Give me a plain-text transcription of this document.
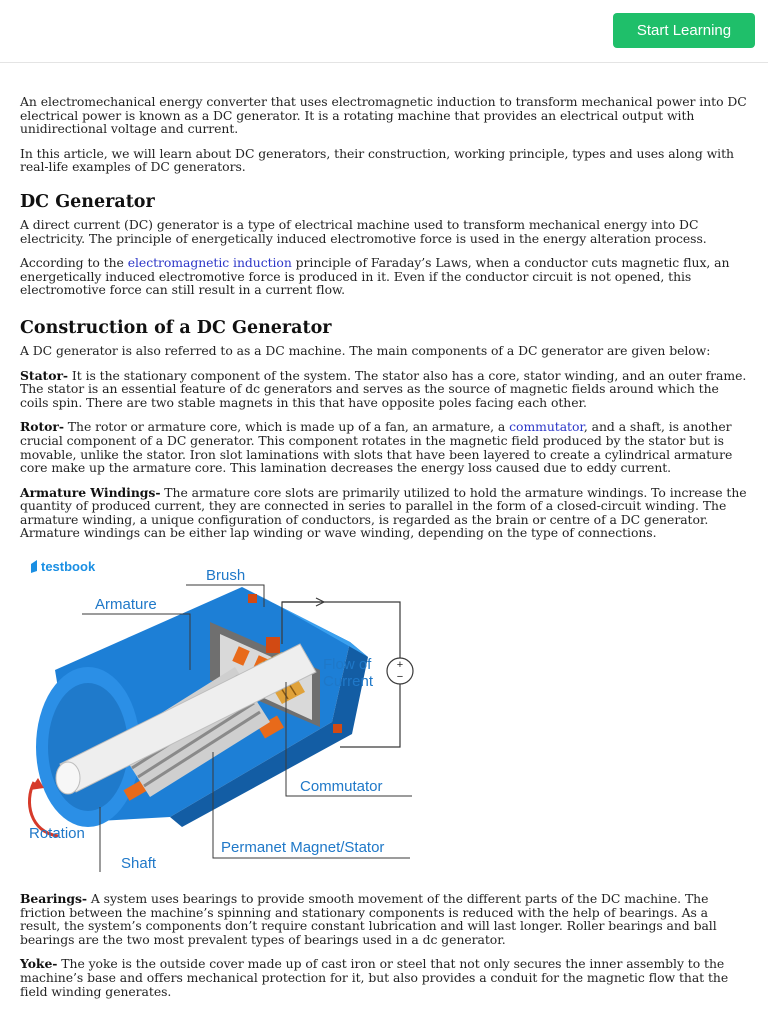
Start Learning

An electromechanical energy converter that uses electromagnetic induction to transform mechanical power into DC electrical power is known as a DC generator. It is a rotating machine that provides an electrical output with unidirectional voltage and current.

In this article, we will learn about DC generators, their construction, working principle, types and uses along with real-life examples of DC generators.

DC Generator

A direct current (DC) generator is a type of electrical machine used to transform mechanical energy into DC electricity. The principle of energetically induced electromotive force is used in the energy alteration process.

According to the electromagnetic induction principle of Faraday’s Laws, when a conductor cuts magnetic flux, an energetically induced electromotive force is produced in it. Even if the conductor circuit is not opened, this electromotive force can still result in a current flow.

Construction of a DC Generator

A DC generator is also referred to as a DC machine. The main components of a DC generator are given below:

Stator- It is the stationary component of the system. The stator also has a core, stator winding, and an outer frame. The stator is an essential feature of dc generators and serves as the source of magnetic fields around which the coils spin. There are two stable magnets in this that have opposite poles facing each other.

Rotor- The rotor or armature core, which is made up of a fan, an armature, a commutator, and a shaft, is another crucial component of a DC generator. This component rotates in the magnetic field produced by the stator but is movable, unlike the stator. Iron slot laminations with slots that have been layered to create a cylindrical armature core make up the armature core. This lamination decreases the energy loss caused due to eddy current.

Armature Windings- The armature core slots are primarily utilized to hold the armature windings. To increase the quantity of produced current, they are connected in series to parallel in the form of a closed-circuit winding. The armature winding, a unique configuration of conductors, is regarded as the brain or centre of a DC generator. Armature windings can be either lap winding or wave winding, depending on the type of connections.

testbook
+
−
Brush
Armature
Flow of
Current
Commutator
Rotation
Permanet Magnet/Stator
Shaft

Bearings- A system uses bearings to provide smooth movement of the different parts of the DC machine. The friction between the machine’s spinning and stationary components is reduced with the help of bearings. As a result, the system’s components don’t require constant lubrication and will last longer. Roller bearings and ball bearings are the two most prevalent types of bearings used in a dc generator.

Yoke- The yoke is the outside cover made up of cast iron or steel that not only secures the inner assembly to the machine’s base and offers mechanical protection for it, but also provides a conduit for the magnetic flow that the field winding generates.
